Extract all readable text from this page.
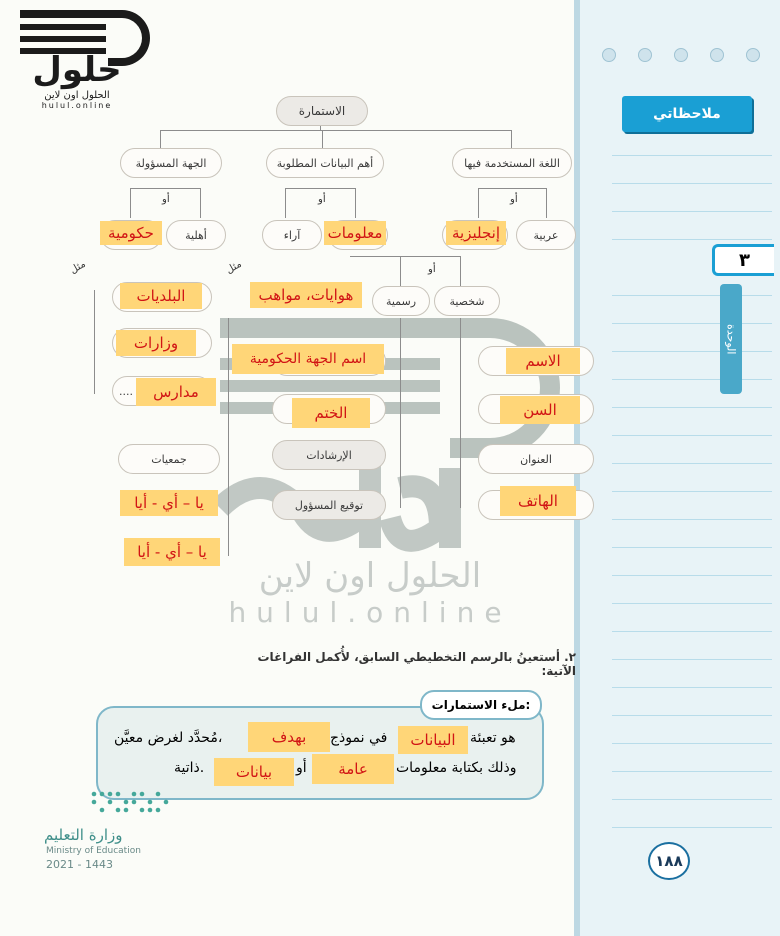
ملاحظاتي
٣
الوحدة
١٨٨
الحلول اون لاين
hulul.online
حلول
الحلول اون لاين
hulul.online	الاستمارة
اللغة المستخدمة فيها
أهم البيانات المطلوبة
الجهة المسؤولة
أو
أو
أو
أو
عربية
آراء
أهلية
شخصية
رسمية
....
جمعيات	العنوان
الإرشادات
توقيع المسؤول
مثل	مثل
إنجليزية
معلومات
حكومية
هوايات، مواهب
البلديات
وزارات
مدارس
يا – أي - أيا
يا – أي - أيا
الاسم
السن
الهاتف
اسم الجهة الحكومية
الختم
٢. أستعينُ بالرسم التخطيطي السابق، لأُكمل الفراغات الآتية:
ملء الاستمارات:
هو تعبئة
البيانات
في نموذج
بهدف
مُحدَّد لغرض معيَّن،
وذلك بكتابة معلومات
عامة
أو
بيانات
ذاتية.
وزارة التعليم
Ministry of Education
2021 - 1443
